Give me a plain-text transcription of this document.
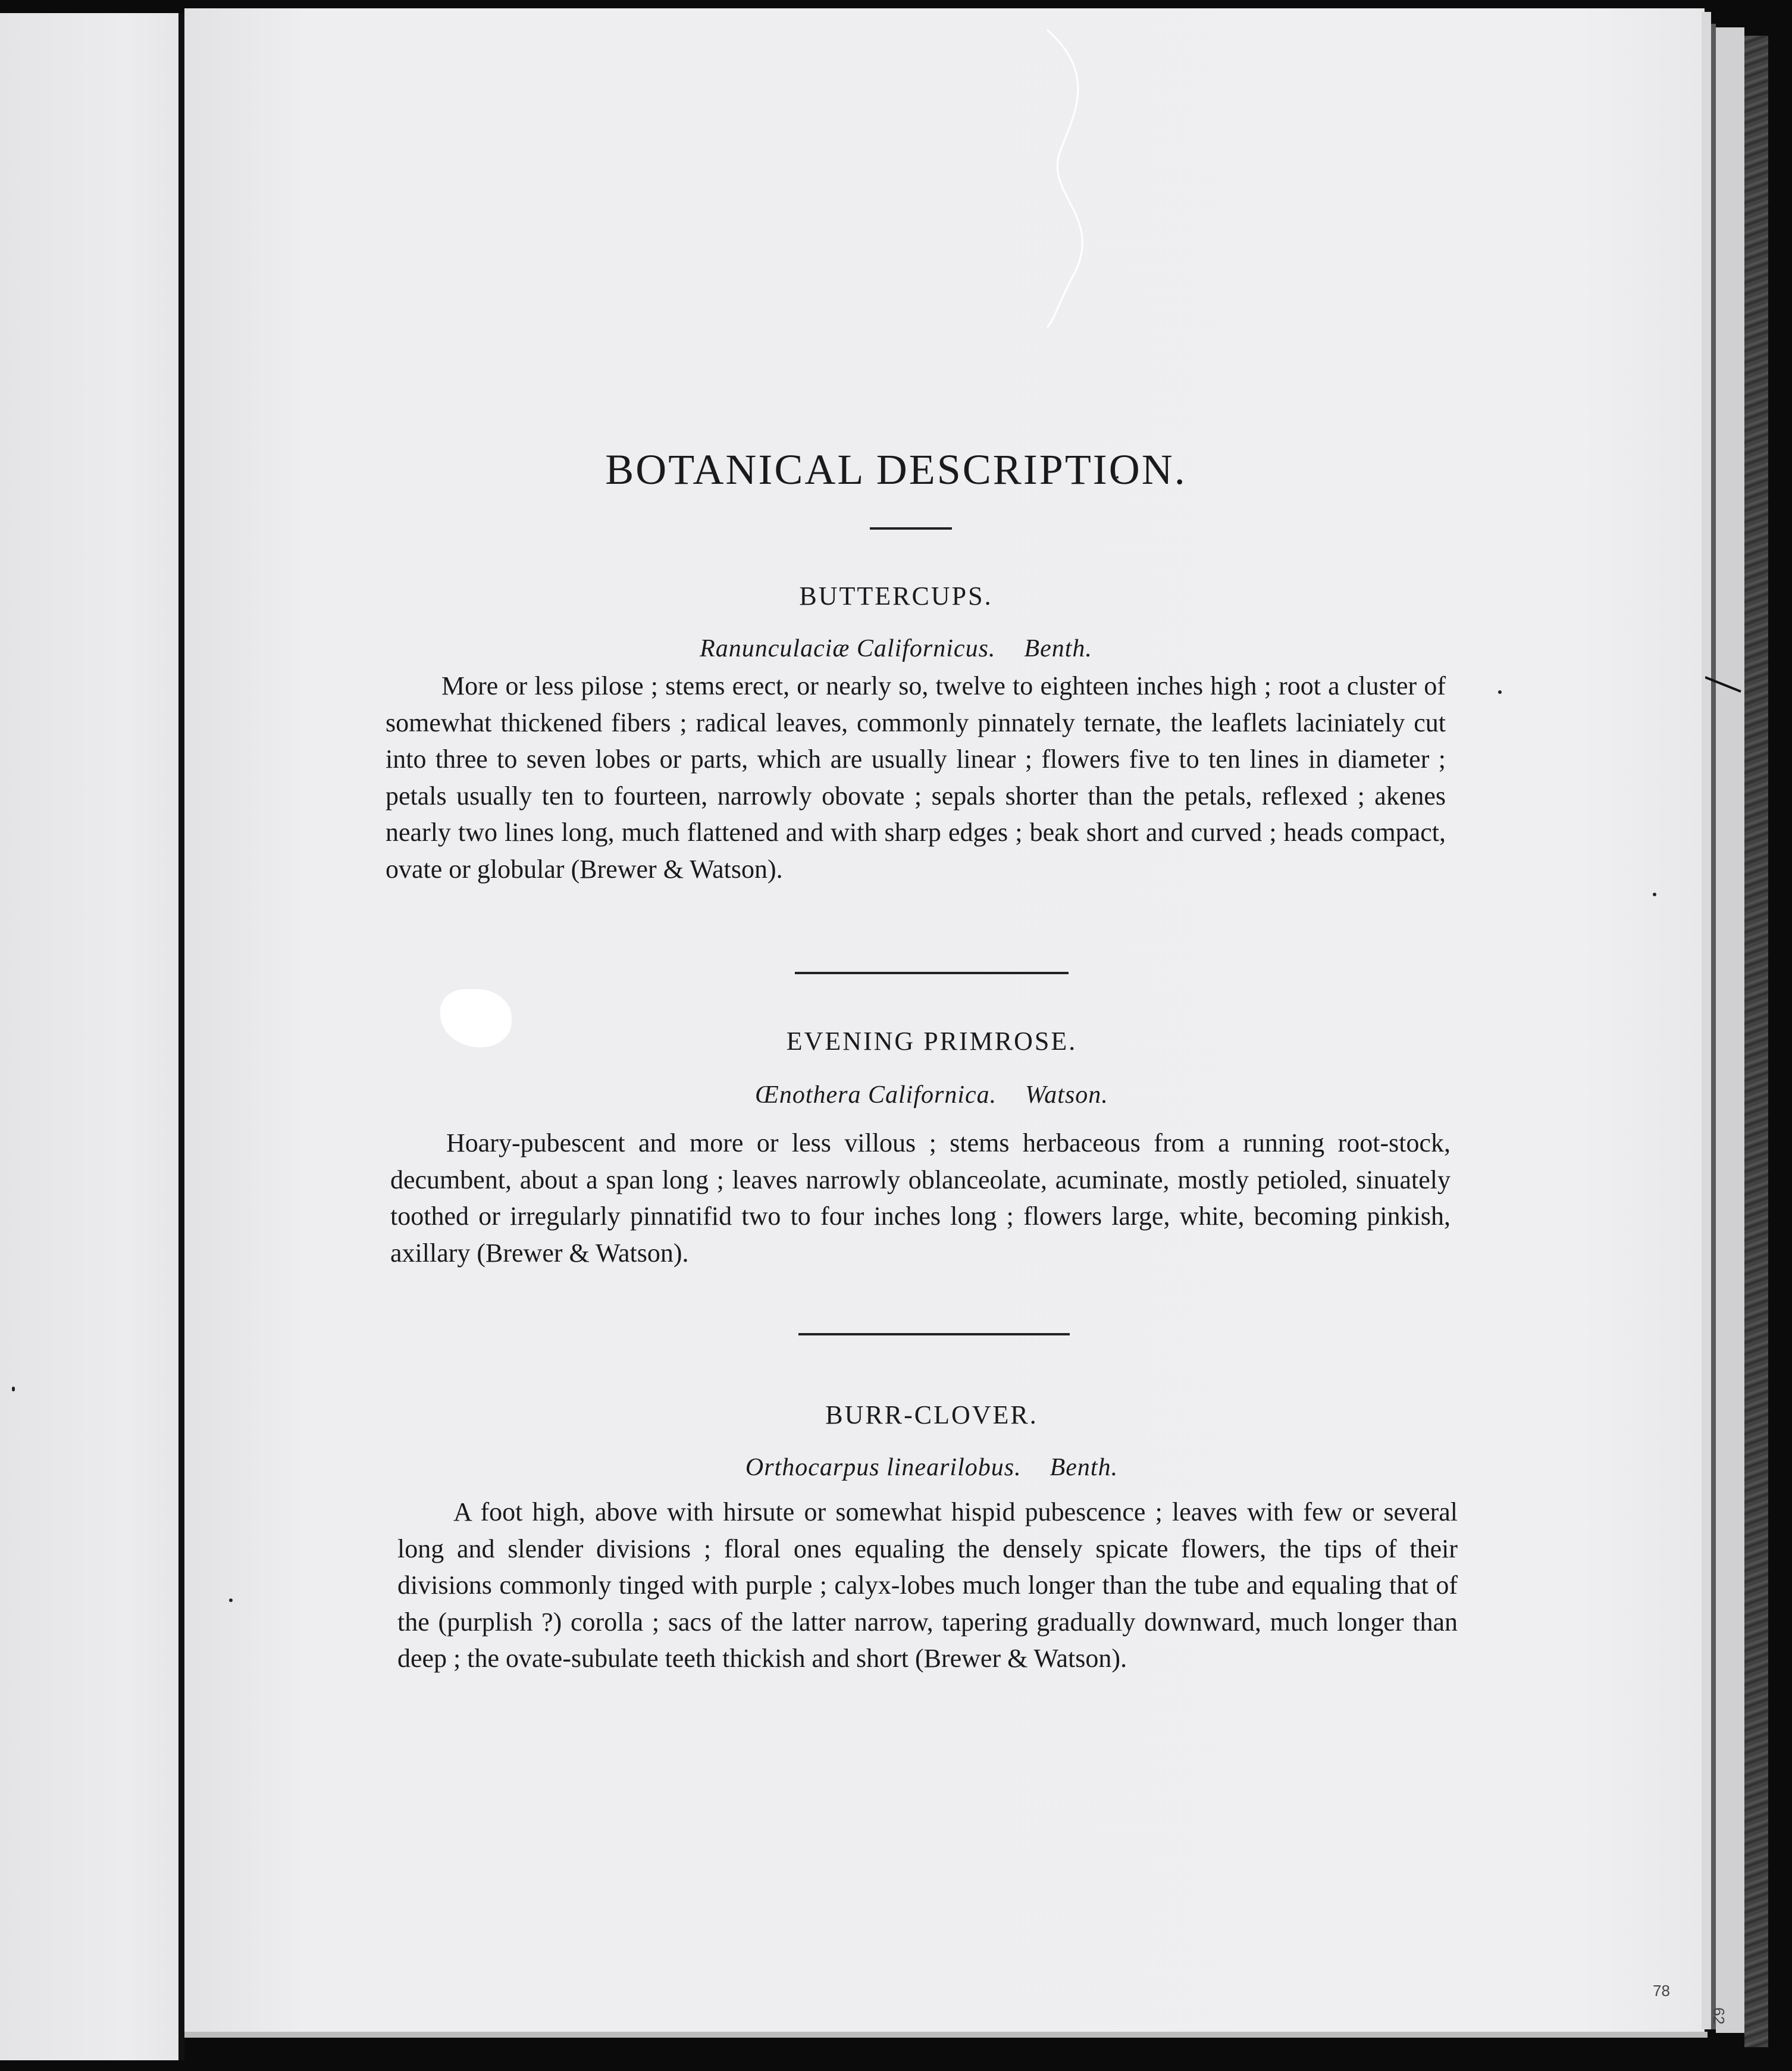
BOTANICAL DESCRIPTION.
BUTTERCUPS.
Ranunculaciæ Californicus. Benth.

More or less pilose ; stems erect, or nearly so, twelve to eighteen inches high ; root a cluster of somewhat thickened fibers ; radical leaves, commonly pinnately ternate, the leaflets laciniately cut into three to seven lobes or parts, which are usually linear ; flowers five to ten lines in diameter ; petals usually ten to fourteen, narrowly obovate ; sepals shorter than the petals, reflexed ; akenes nearly two lines long, much flattened and with sharp edges ; beak short and curved ; heads compact, ovate or globular (Brewer & Watson).

EVENING PRIMROSE.
Œnothera Californica. Watson.

Hoary-pubescent and more or less villous ; stems herbaceous from a running root-stock, decumbent, about a span long ; leaves narrowly oblanceolate, acuminate, mostly petioled, sinuately toothed or irregularly pinnatifid two to four inches long ; flowers large, white, becoming pinkish, axillary (Brewer & Watson).

BURR-CLOVER.
Orthocarpus linearilobus. Benth.

A foot high, above with hirsute or somewhat hispid pubescence ; leaves with few or several long and slender divisions ; floral ones equaling the densely spicate flowers, the tips of their divisions commonly tinged with purple ; calyx-lobes much longer than the tube and equaling that of the (purplish ?) corolla ; sacs of the latter narrow, tapering gradually downward, much longer than deep ; the ovate-subulate teeth thickish and short (Brewer & Watson).

78
62
